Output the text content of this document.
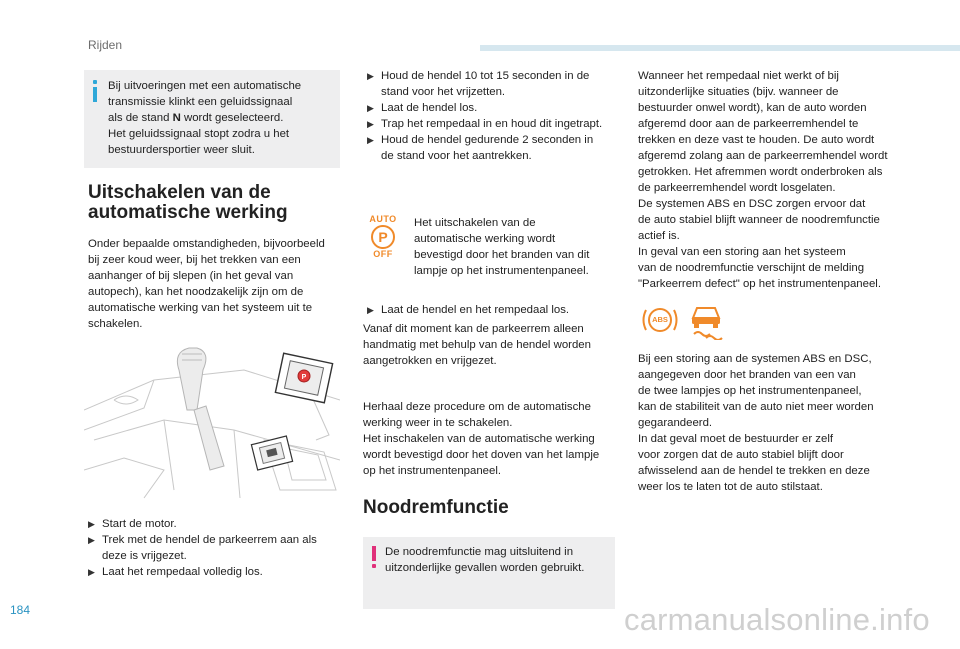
Rijden
Bij uitvoeringen met een automatische
transmissie klinkt een geluidssignaal
als de stand N wordt geselecteerd.
Het geluidssignaal stopt zodra u het
bestuurdersportier weer sluit.
Uitschakelen van de
automatische werking
Onder bepaalde omstandigheden, bijvoorbeeld
bij zeer koud weer, bij het trekken van een
aanhanger of bij slepen (in het geval van
autopech), kan het noodzakelijk zijn om de
automatische werking van het systeem uit te
schakelen.
P
▶ Start de motor.
▶ Trek met de hendel de parkeerrem aan als
deze is vrijgezet.
▶ Laat het rempedaal volledig los.
▶ Houd de hendel 10 tot 15 seconden in de
stand voor het vrijzetten.
▶ Laat de hendel los.
▶ Trap het rempedaal in en houd dit ingetrapt.
▶ Houd de hendel gedurende 2 seconden in
de stand voor het aantrekken.
AUTO
P
OFF
Het uitschakelen van de
automatische werking wordt
bevestigd door het branden van dit
lampje op het instrumentenpaneel.
▶ Laat de hendel en het rempedaal los.
Vanaf dit moment kan de parkeerrem alleen
handmatig met behulp van de hendel worden
aangetrokken en vrijgezet.
Herhaal deze procedure om de automatische
werking weer in te schakelen.
Het inschakelen van de automatische werking
wordt bevestigd door het doven van het lampje
op het instrumentenpaneel.
Noodremfunctie
De noodremfunctie mag uitsluitend in
uitzonderlijke gevallen worden gebruikt.
Wanneer het rempedaal niet werkt of bij
uitzonderlijke situaties (bijv. wanneer de
bestuurder onwel wordt), kan de auto worden
afgeremd door aan de parkeerremhendel te
trekken en deze vast te houden. De auto wordt
afgeremd zolang aan de parkeerremhendel wordt
getrokken. Het afremmen wordt onderbroken als
de parkeerremhendel wordt losgelaten.
De systemen ABS en DSC zorgen ervoor dat
de auto stabiel blijft wanneer de noodremfunctie
actief is.
In geval van een storing aan het systeem
van de noodremfunctie verschijnt de melding
"Parkeerrem defect" op het instrumentenpaneel.
ABS
Bij een storing aan de systemen ABS en DSC,
aangegeven door het branden van een van
de twee lampjes op het instrumentenpaneel,
kan de stabiliteit van de auto niet meer worden
gegarandeerd.
In dat geval moet de bestuurder er zelf
voor zorgen dat de auto stabiel blijft door
afwisselend aan de hendel te trekken en deze
weer los te laten tot de auto stilstaat.
184	carmanualsonline.info
